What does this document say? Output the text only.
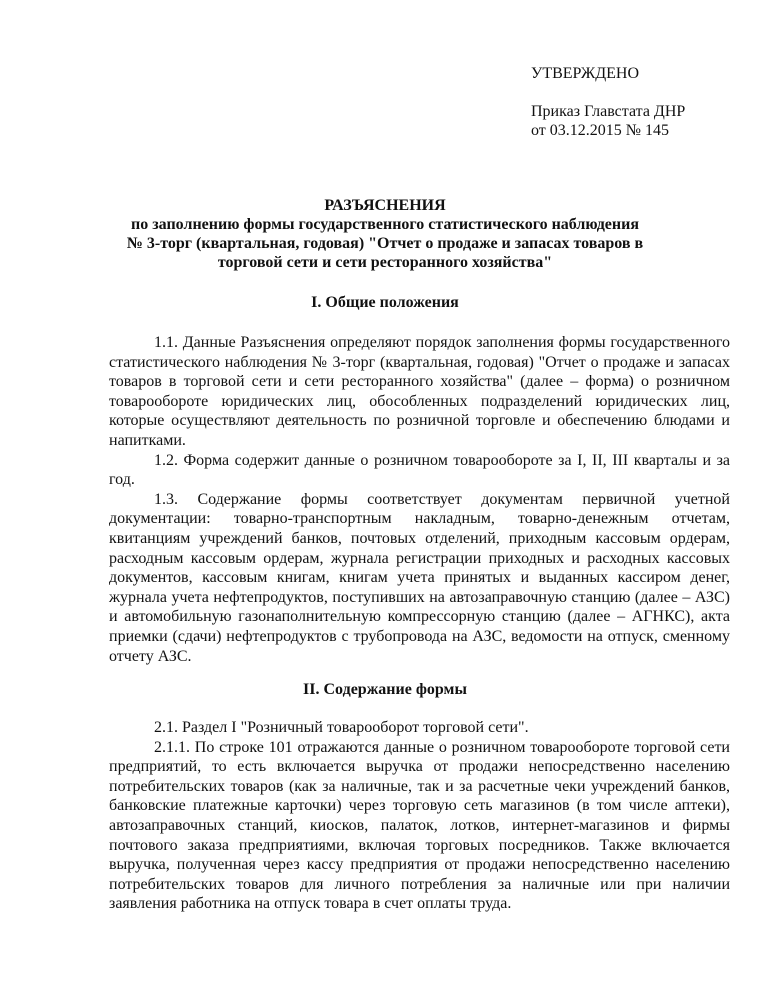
УТВЕРЖДЕНО
Приказ Главстата ДНР
от 03.12.2015 № 145
РАЗЪЯСНЕНИЯ
по заполнению формы государственного статистического наблюдения
№ 3-торг (квартальная, годовая) "Отчет о продаже и запасах товаров в
торговой сети и сети ресторанного хозяйства"
I. Общие положения

1.1. Данные Разъяснения определяют порядок заполнения формы государственного статистического наблюдения № 3-торг (квартальная, годовая) "Отчет о продаже и запасах товаров в торговой сети и сети ресторанного хозяйства" (далее – форма) о розничном товарообороте юридических лиц, обособленных подразделений юридических лиц, которые осуществляют деятельность по розничной торговле и обеспечению блюдами и напитками.

1.2. Форма содержит данные о розничном товарообороте за I, II, III кварталы и за год.

1.3. Содержание формы соответствует документам первичной учетной документации: товарно-транспортным накладным, товарно-денежным отчетам, квитанциям учреждений банков, почтовых отделений, приходным кассовым ордерам, расходным кассовым ордерам, журнала регистрации приходных и расходных кассовых документов, кассовым книгам, книгам учета принятых и выданных кассиром денег, журнала учета нефтепродуктов, поступивших на автозаправочную станцию (далее – АЗС) и автомобильную газонаполнительную компрессорную станцию (далее – АГНКС), акта приемки (сдачи) нефтепродуктов с трубопровода на АЗС, ведомости на отпуск, сменному отчету АЗС.

II. Содержание формы

2.1. Раздел I "Розничный товарооборот торговой сети".

2.1.1. По строке 101 отражаются данные о розничном товарообороте торговой сети предприятий, то есть включается выручка от продажи непосредственно населению потребительских товаров (как за наличные, так и за расчетные чеки учреждений банков, банковские платежные карточки) через торговую сеть магазинов (в том числе аптеки), автозаправочных станций, киосков, палаток, лотков, интернет-магазинов и фирмы почтового заказа предприятиями, включая торговых посредников. Также включается выручка, полученная через кассу предприятия от продажи непосредственно населению потребительских товаров для личного потребления за наличные или при наличии заявления работника на отпуск товара в счет оплаты труда.
